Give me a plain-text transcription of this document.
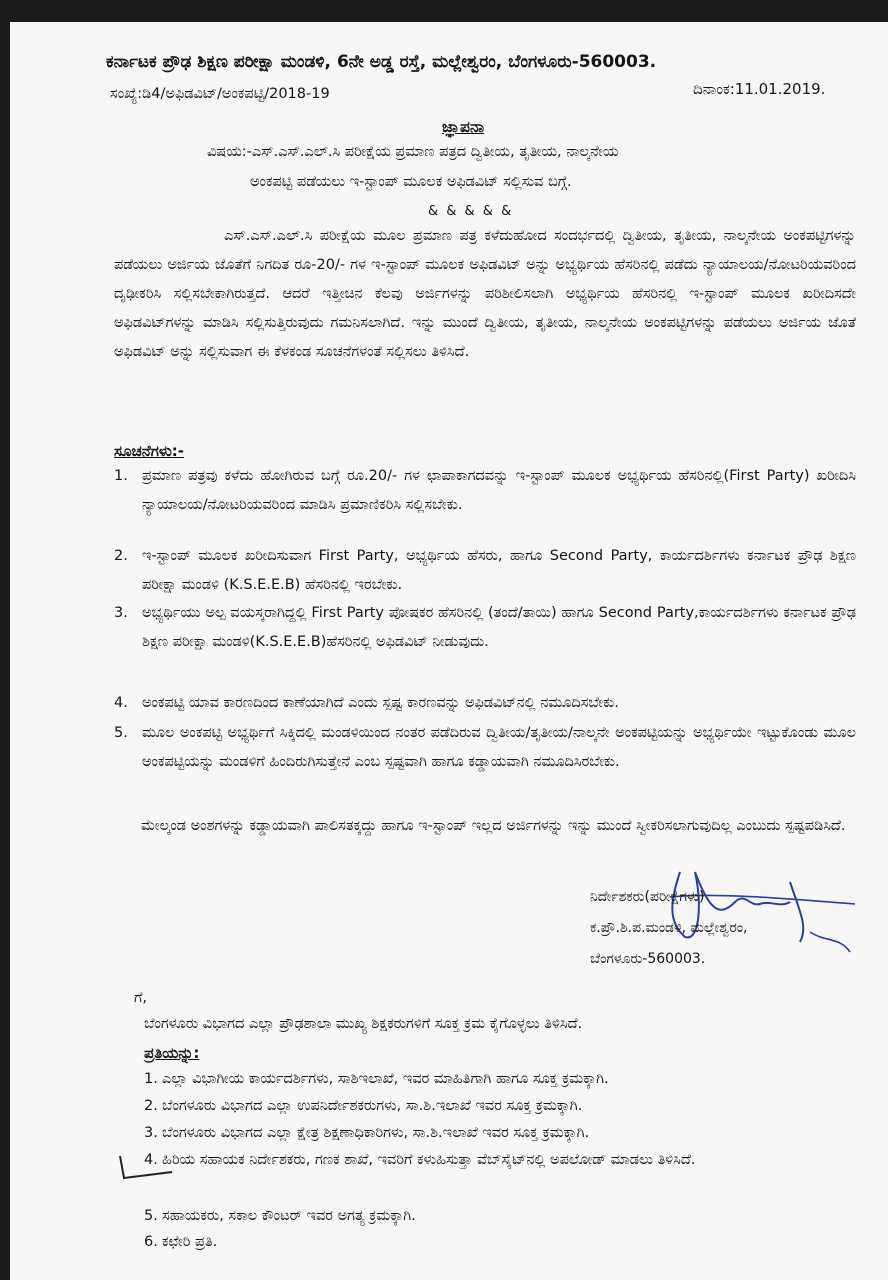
ಕರ್ನಾಟಕ ಪ್ರೌಢ ಶಿಕ್ಷಣ ಪರೀಕ್ಷಾ ಮಂಡಳಿ, 6ನೇ ಅಡ್ಡ ರಸ್ತೆ, ಮಲ್ಲೇಶ್ವರಂ, ಬೆಂಗಳೂರು-560003.
ಸಂಖ್ಯೆ:ಡಿ4/ಅಫಿಡವಿಟ್/ಅಂಕಪಟ್ಟಿ/2018-19	ದಿನಾಂಕ:11.01.2019.
ಜ್ಞಾಪನಾ
ವಿಷಯ:-ಎಸ್.ಎಸ್.ಎಲ್.ಸಿ ಪರೀಕ್ಷೆಯ ಪ್ರಮಾಣ ಪತ್ರದ ದ್ವಿತೀಯ, ತೃತೀಯ, ನಾಲ್ಕನೇಯ
ಅಂಕಪಟ್ಟಿ ಪಡೆಯಲು ಇ-ಸ್ಟಾಂಪ್ ಮೂಲಕ ಅಫಿಡವಿಟ್ ಸಲ್ಲಿಸುವ ಬಗ್ಗೆ.
& & & & &
ಎಸ್.ಎಸ್.ಎಲ್.ಸಿ ಪರೀಕ್ಷೆಯ ಮೂಲ ಪ್ರಮಾಣ ಪತ್ರ ಕಳೆದುಹೋದ ಸಂದರ್ಭದಲ್ಲಿ ದ್ವಿತೀಯ, ತೃತೀಯ, ನಾಲ್ಕನೇಯ ಅಂಕಪಟ್ಟಿಗಳನ್ನು ಪಡೆಯಲು ಅರ್ಜಿಯ ಜೊತೆಗೆ ನಿಗದಿತ ರೂ-20/- ಗಳ ಇ-ಸ್ಟಾಂಪ್ ಮೂಲಕ ಅಫಿಡವಿಟ್ ಅನ್ನು ಅಭ್ಯರ್ಥಿಯ ಹೆಸರಿನಲ್ಲಿ ಪಡೆದು ನ್ಯಾಯಾಲಯ/ನೋಟರಿಯವರಿಂದ ದೃಢೀಕರಿಸಿ ಸಲ್ಲಿಸಬೇಕಾಗಿರುತ್ತದೆ. ಆದರೆ ಇತ್ತೀಚಿನ ಕೆಲವು ಅರ್ಜಿಗಳನ್ನು ಪರಿಶೀಲಿಸಲಾಗಿ ಅಭ್ಯರ್ಥಿಯ ಹೆಸರಿನಲ್ಲಿ ಇ-ಸ್ಟಾಂಪ್ ಮೂಲಕ ಖರೀದಿಸದೇ ಅಫಿಡವಿಟ್‌ಗಳನ್ನು ಮಾಡಿಸಿ ಸಲ್ಲಿಸುತ್ತಿರುವುದು ಗಮನಿಸಲಾಗಿದೆ. ಇನ್ನು ಮುಂದೆ ದ್ವಿತೀಯ, ತೃತೀಯ, ನಾಲ್ಕನೇಯ ಅಂಕಪಟ್ಟಿಗಳನ್ನು ಪಡೆಯಲು ಅರ್ಜಿಯ ಜೊತೆ ಅಫಿಡವಿಟ್ ಅನ್ನು ಸಲ್ಲಿಸುವಾಗ ಈ ಕೆಳಕಂಡ ಸೂಚನೆಗಳಂತೆ ಸಲ್ಲಿಸಲು ತಿಳಿಸಿದೆ.
ಸೂಚನೆಗಳು:-
1. ಪ್ರಮಾಣ ಪತ್ರವು ಕಳೆದು ಹೋಗಿರುವ ಬಗ್ಗೆ ರೂ.20/- ಗಳ ಛಾಪಾಕಾಗದವನ್ನು ಇ-ಸ್ಟಾಂಪ್ ಮೂಲಕ ಅಭ್ಯರ್ಥಿಯ ಹೆಸರಿನಲ್ಲಿ(First Party) ಖರೀದಿಸಿ ನ್ಯಾಯಾಲಯ/ನೋಟರಿಯವರಿಂದ ಮಾಡಿಸಿ ಪ್ರಮಾಣಿಕರಿಸಿ ಸಲ್ಲಿಸಬೇಕು.
2. ಇ-ಸ್ಟಾಂಪ್ ಮೂಲಕ ಖರೀದಿಸುವಾಗ First Party, ಅಭ್ಯರ್ಥಿಯ ಹೆಸರು, ಹಾಗೂ Second Party, ಕಾರ್ಯದರ್ಶಿಗಳು ಕರ್ನಾಟಕ ಪ್ರೌಢ ಶಿಕ್ಷಣ ಪರೀಕ್ಷಾ ಮಂಡಳಿ (K.S.E.E.B) ಹೆಸರಿನಲ್ಲಿ ಇರಬೇಕು.
3. ಅಭ್ಯರ್ಥಿಯು ಅಲ್ಪ ವಯಸ್ಕರಾಗಿದ್ದಲ್ಲಿ First Party ಪೋಷಕರ ಹೆಸರಿನಲ್ಲಿ (ತಂದೆ/ತಾಯಿ) ಹಾಗೂ Second Party,ಕಾರ್ಯದರ್ಶಿಗಳು ಕರ್ನಾಟಕ ಪ್ರೌಢ ಶಿಕ್ಷಣ ಪರೀಕ್ಷಾ ಮಂಡಳಿ(K.S.E.E.B)ಹೆಸರಿನಲ್ಲಿ ಅಫಿಡವಿಟ್ ನೀಡುವುದು.
4. ಅಂಕಪಟ್ಟಿ ಯಾವ ಕಾರಣದಿಂದ ಕಾಣೆಯಾಗಿದೆ ಎಂದು ಸ್ಪಷ್ಟ ಕಾರಣವನ್ನು ಅಫಿಡವಿಟ್‌ನಲ್ಲಿ ನಮೂದಿಸಬೇಕು.
5. ಮೂಲ ಅಂಕಪಟ್ಟಿ ಅಭ್ಯರ್ಥಿಗೆ ಸಿಕ್ಕಿದಲ್ಲಿ ಮಂಡಳಿಯಿಂದ ನಂತರ ಪಡೆದಿರುವ ದ್ವಿತೀಯ/ತೃತೀಯ/ನಾಲ್ಕನೇ ಅಂಕಪಟ್ಟಿಯನ್ನು ಅಭ್ಯರ್ಥಿಯೇ ಇಟ್ಟುಕೊಂಡು ಮೂಲ ಅಂಕಪಟ್ಟಿಯನ್ನು ಮಂಡಳಿಗೆ ಹಿಂದಿರುಗಿಸುತ್ತೇನೆ ಎಂಬ ಸ್ಪಷ್ಟವಾಗಿ ಹಾಗೂ ಕಡ್ಡಾಯವಾಗಿ ನಮೂದಿಸಿರಬೇಕು.
ಮೇಲ್ಕಂಡ ಅಂಶಗಳನ್ನು ಕಡ್ಡಾಯವಾಗಿ ಪಾಲಿಸತಕ್ಕದ್ದು ಹಾಗೂ ಇ-ಸ್ಟಾಂಪ್ ಇಲ್ಲದ ಅರ್ಜಿಗಳನ್ನು ಇನ್ನು ಮುಂದೆ ಸ್ವೀಕರಿಸಲಾಗುವುದಿಲ್ಲ ಎಂಬುದು ಸ್ಪಷ್ಟಪಡಿಸಿದೆ.
ನಿರ್ದೇಶಕರು(ಪರೀಕ್ಷೆಗಳು)
ಕ.ಪ್ರೌ.ಶಿ.ಪ.ಮಂಡಳಿ, ಮಲ್ಲೇಶ್ವರಂ,
ಬೆಂಗಳೂರು-560003.
ಗೆ,
ಬೆಂಗಳೂರು ವಿಭಾಗದ ಎಲ್ಲಾ ಪ್ರೌಢಶಾಲಾ ಮುಖ್ಯ ಶಿಕ್ಷಕರುಗಳಿಗೆ ಸೂಕ್ತ ಕ್ರಮ ಕೈಗೊಳ್ಳಲು ತಿಳಿಸಿದೆ.
ಪ್ರತಿಯನ್ನು:
1. ಎಲ್ಲಾ ವಿಭಾಗೀಯ ಕಾರ್ಯದರ್ಶಿಗಳು, ಸಾಶಿಇಲಾಖೆ, ಇವರ ಮಾಹಿತಿಗಾಗಿ ಹಾಗೂ ಸೂಕ್ತ ಕ್ರಮಕ್ಕಾಗಿ.
2. ಬೆಂಗಳೂರು ವಿಭಾಗದ ಎಲ್ಲಾ ಉಪನಿರ್ದೇಶಕರುಗಳು, ಸಾ.ಶಿ.ಇಲಾಖೆ ಇವರ ಸೂಕ್ತ ಕ್ರಮಕ್ಕಾಗಿ.
3. ಬೆಂಗಳೂರು ವಿಭಾಗದ ಎಲ್ಲಾ ಕ್ಷೇತ್ರ ಶಿಕ್ಷಣಾಧಿಕಾರಿಗಳು, ಸಾ.ಶಿ.ಇಲಾಖೆ ಇವರ ಸೂಕ್ತ ಕ್ರಮಕ್ಕಾಗಿ.
4. ಹಿರಿಯ ಸಹಾಯಕ ನಿರ್ದೇಶಕರು, ಗಣಕ ಶಾಖೆ, ಇವರಿಗೆ ಕಳುಹಿಸುತ್ತಾ ವೆಬ್‌ಸೈಟ್‌ನಲ್ಲಿ ಅಪಲೋಡ್ ಮಾಡಲು ತಿಳಿಸಿದೆ.
5. ಸಹಾಯಕರು, ಸಕಾಲ ಕೌಂಟರ್ ಇವರ ಅಗತ್ಯ ಕ್ರಮಕ್ಕಾಗಿ.
6. ಕಛೇರಿ ಪ್ರತಿ.
